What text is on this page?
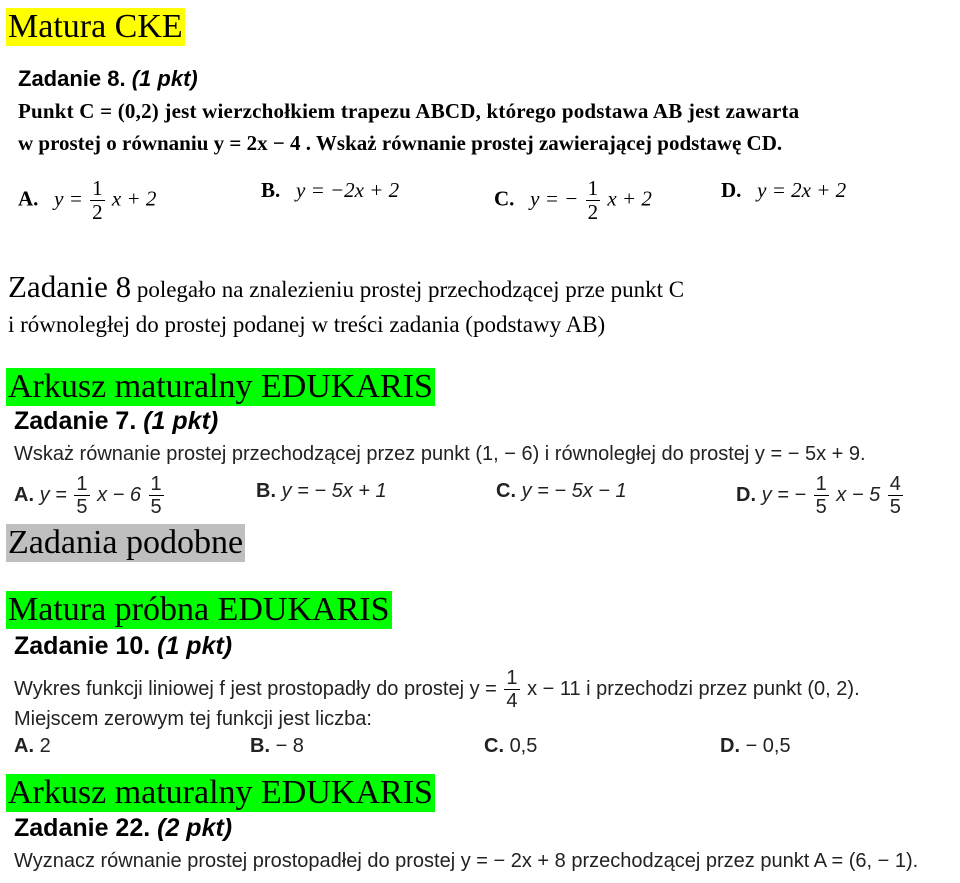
Matura CKE
Zadanie 8. (1 pkt)
Punkt C = (0,2) jest wierzchołkiem trapezu ABCD, którego podstawa AB jest zawarta
w prostej o równaniu y = 2x − 4 . Wskaż równanie prostej zawierającej podstawę CD.
A. $y = \frac{1}{2}$ x + 2	B. y = −2x + 2	C. y = − $\frac{1}{2}$ x + 2	D. y = 2x + 2
Zadanie 8 polegało na znalezieniu prostej przechodzącej prze punkt C
i równoległej do prostej podanej w treści zadania (podstawy AB)
Arkusz maturalny EDUKARIS
Zadanie 7. (1 pkt)
Wskaż równanie prostej przechodzącej przez punkt (1, − 6) i równoległej do prostej y = − 5x + 9.
A. $y = \frac{1}{5}$ $x - 6 \frac{1}{5}$	B. y = − 5x + 1	C. y = − 5x − 1	D. y = − $\frac{1}{5}$ $x - 5 \frac{4}{5}$
Zadania podobne
Matura próbna EDUKARIS
Zadanie 10. (1 pkt)
Wykres funkcji liniowej f jest prostopadły do prostej $y = \frac{1}{4}$ x − 11 i przechodzi przez punkt (0, 2).
Miejscem zerowym tej funkcji jest liczba:
A. 2	B. − 8	C. 0,5	D. − 0,5
Arkusz maturalny EDUKARIS
Zadanie 22. (2 pkt)
Wyznacz równanie prostej prostopadłej do prostej y = − 2x + 8 przechodzącej przez punkt A = (6, − 1).
